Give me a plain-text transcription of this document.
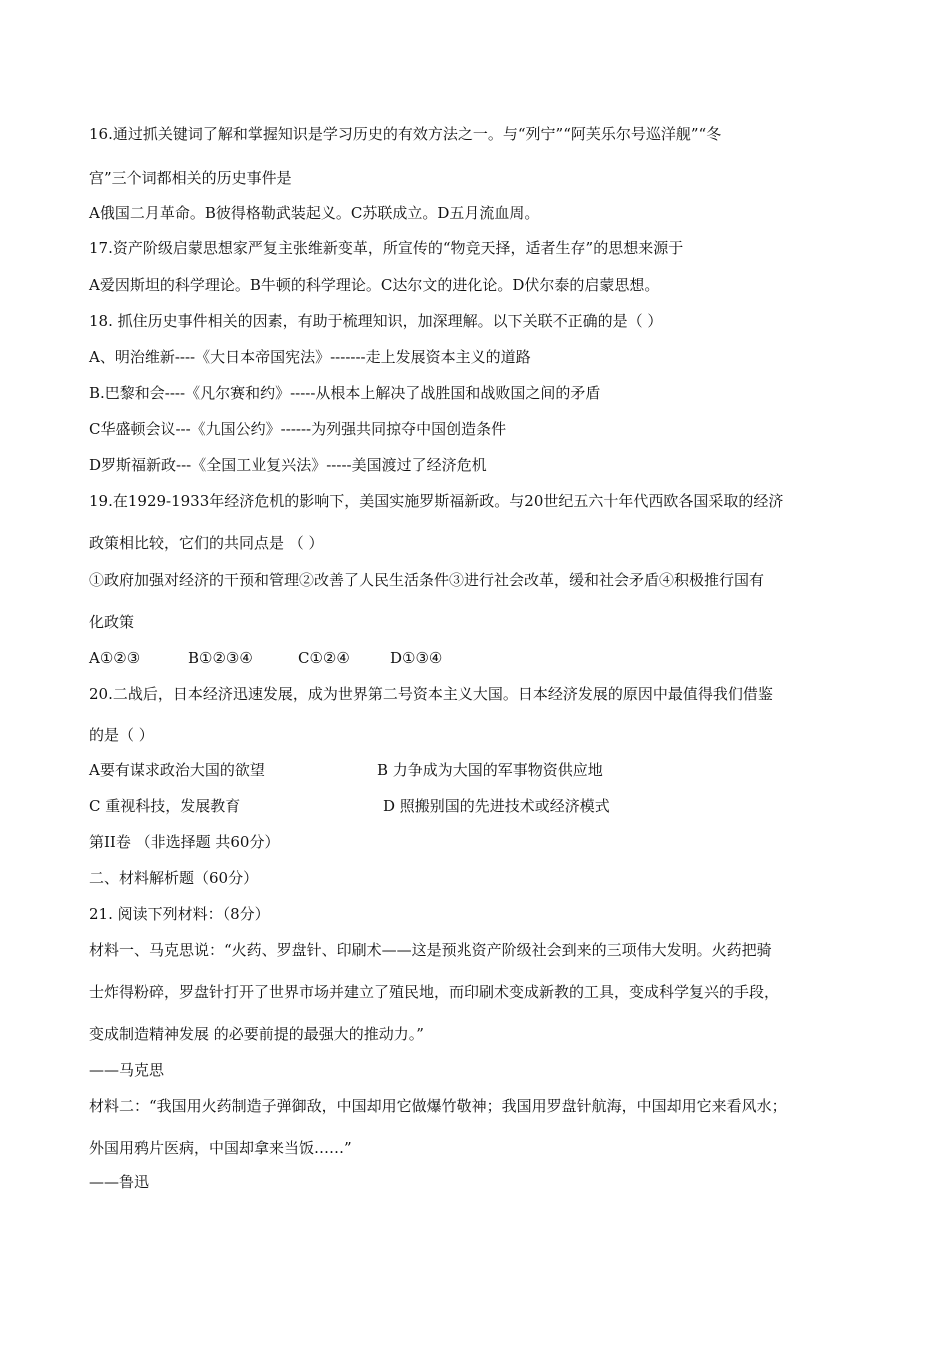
16.通过抓关键词了解和掌握知识是学习历史的有效方法之一。与“列宁”“阿芙乐尔号巡洋舰”“冬
宫”三个词都相关的历史事件是
A俄国二月革命。B彼得格勒武装起义。C苏联成立。D五月流血周。
17.资产阶级启蒙思想家严复主张维新变革，所宣传的“物竞天择，适者生存”的思想来源于
A爱因斯坦的科学理论。B牛顿的科学理论。C达尔文的进化论。D伏尔泰的启蒙思想。
18. 抓住历史事件相关的因素，有助于梳理知识，加深理解。以下关联不正确的是（ ）
A、明治维新----《大日本帝国宪法》-------走上发展资本主义的道路
B.巴黎和会----《凡尔赛和约》-----从根本上解决了战胜国和战败国之间的矛盾
C华盛顿会议---《九国公约》------为列强共同掠夺中国创造条件
D罗斯福新政---《全国工业复兴法》-----美国渡过了经济危机
19.在1929-1933年经济危机的影响下，美国实施罗斯福新政。与20世纪五六十年代西欧各国采取的经济
政策相比较，它们的共同点是 （ ）
①政府加强对经济的干预和管理②改善了人民生活条件③进行社会改革，缓和社会矛盾④积极推行国有
化政策
A①②③	B①②③④	C①②④	D①③④
20.二战后，日本经济迅速发展，成为世界第二号资本主义大国。日本经济发展的原因中最值得我们借鉴
的是（ ）
A要有谋求政治大国的欲望	B 力争成为大国的军事物资供应地
C 重视科技，发展教育	D 照搬别国的先进技术或经济模式
第II卷 （非选择题 共60分）
二、材料解析题（60分）
21. 阅读下列材料：（8分）
材料一、马克思说：“火药、罗盘针、印刷术——这是预兆资产阶级社会到来的三项伟大发明。火药把骑
士炸得粉碎，罗盘针打开了世界市场并建立了殖民地，而印刷术变成新教的工具，变成科学复兴的手段，
变成制造精神发展 的必要前提的最强大的推动力。”
——马克思
材料二：“我国用火药制造子弹御敌，中国却用它做爆竹敬神；我国用罗盘针航海，中国却用它来看风水；
外国用鸦片医病，中国却拿来当饭……”
——鲁迅
